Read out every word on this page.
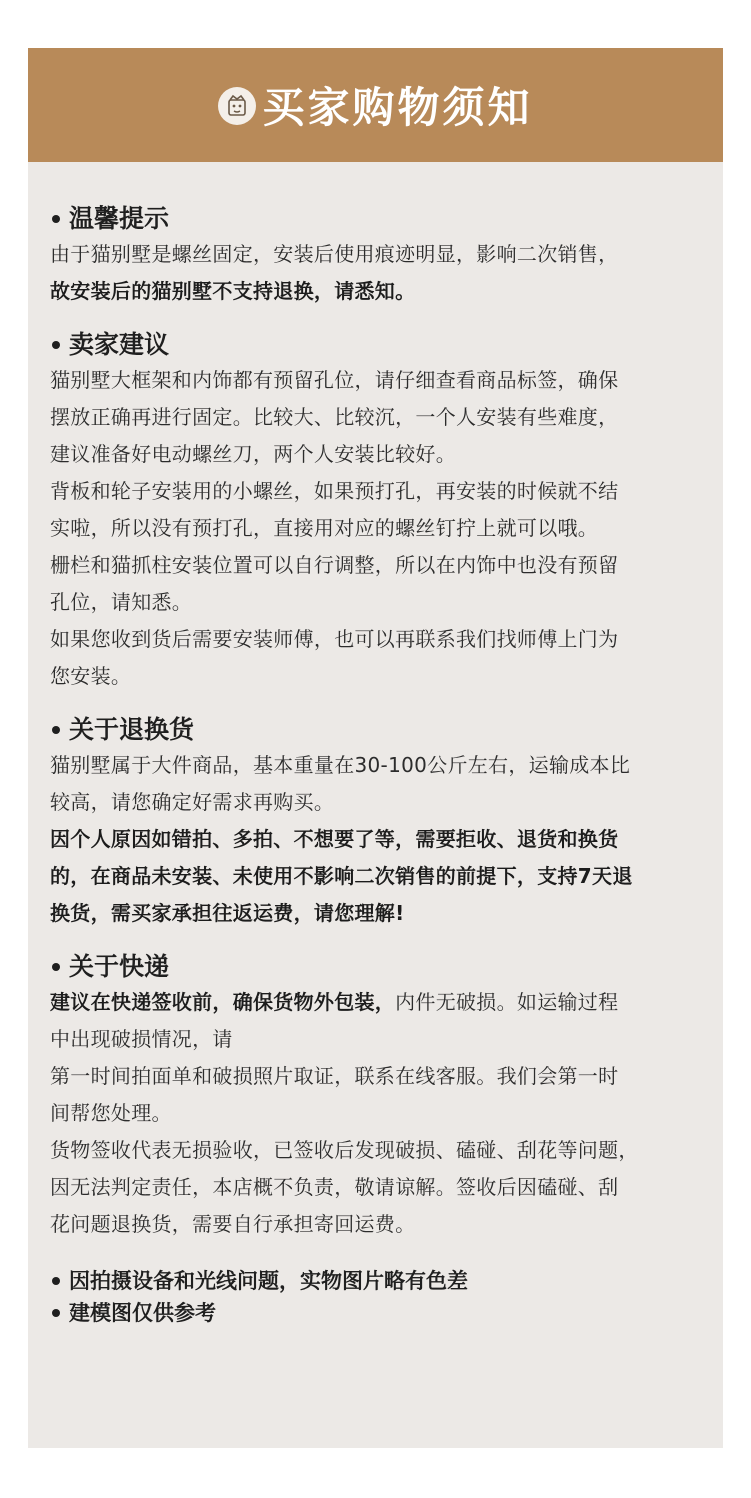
买家购物须知
温馨提示

由于猫别墅是螺丝固定，安装后使用痕迹明显，影响二次销售，

故安装后的猫别墅不支持退换，请悉知。

卖家建议

猫别墅大框架和内饰都有预留孔位，请仔细查看商品标签，确保

摆放正确再进行固定。比较大、比较沉，一个人安装有些难度，

建议准备好电动螺丝刀，两个人安装比较好。

背板和轮子安装用的小螺丝，如果预打孔，再安装的时候就不结

实啦，所以没有预打孔，直接用对应的螺丝钉拧上就可以哦。

栅栏和猫抓柱安装位置可以自行调整，所以在内饰中也没有预留

孔位，请知悉。

如果您收到货后需要安装师傅，也可以再联系我们找师傅上门为

您安装。

关于退换货

猫别墅属于大件商品，基本重量在30-100公斤左右，运输成本比

较高，请您确定好需求再购买。

因个人原因如错拍、多拍、不想要了等，需要拒收、退货和换货

的，在商品未安装、未使用不影响二次销售的前提下，支持7天退

换货，需买家承担往返运费，请您理解!

关于快递

建议在快递签收前，确保货物外包装，内件无破损。如运输过程

中出现破损情况，请

第一时间拍面单和破损照片取证，联系在线客服。我们会第一时

间帮您处理。

货物签收代表无损验收，已签收后发现破损、磕碰、刮花等问题，

因无法判定责任，本店概不负责，敬请谅解。签收后因磕碰、刮

花问题退换货，需要自行承担寄回运费。

因拍摄设备和光线问题，实物图片略有色差
建模图仅供参考
